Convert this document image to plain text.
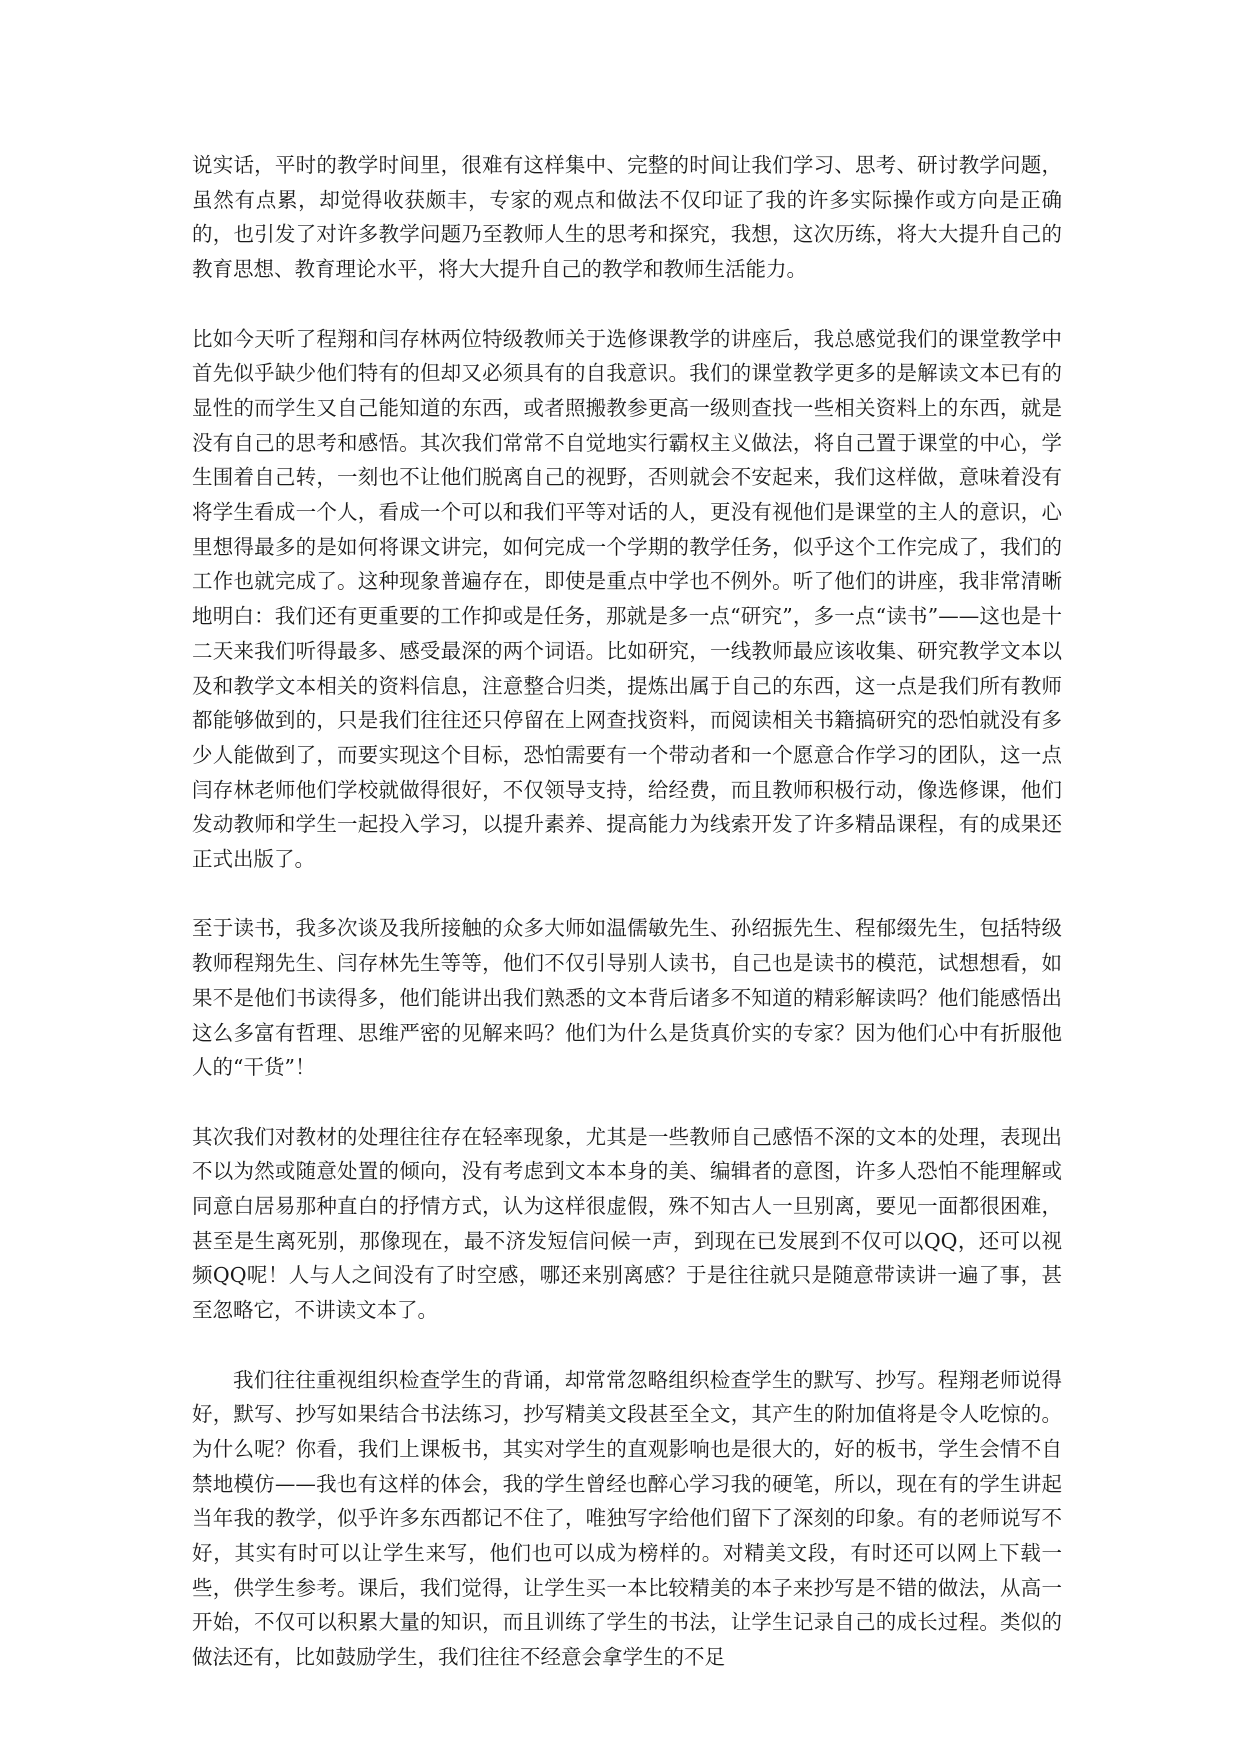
说实话，平时的教学时间里，很难有这样集中、完整的时间让我们学习、思考、研讨教学问题，虽然有点累，却觉得收获颇丰，专家的观点和做法不仅印证了我的许多实际操作或方向是正确的，也引发了对许多教学问题乃至教师人生的思考和探究，我想，这次历练，将大大提升自己的教育思想、教育理论水平，将大大提升自己的教学和教师生活能力。

比如今天听了程翔和闫存林两位特级教师关于选修课教学的讲座后，我总感觉我们的课堂教学中首先似乎缺少他们特有的但却又必须具有的自我意识。我们的课堂教学更多的是解读文本已有的显性的而学生又自己能知道的东西，或者照搬教参更高一级则查找一些相关资料上的东西，就是没有自己的思考和感悟。其次我们常常不自觉地实行霸权主义做法，将自己置于课堂的中心，学生围着自己转，一刻也不让他们脱离自己的视野，否则就会不安起来，我们这样做，意味着没有将学生看成一个人，看成一个可以和我们平等对话的人，更没有视他们是课堂的主人的意识，心里想得最多的是如何将课文讲完，如何完成一个学期的教学任务，似乎这个工作完成了，我们的工作也就完成了。这种现象普遍存在，即使是重点中学也不例外。听了他们的讲座，我非常清晰地明白：我们还有更重要的工作抑或是任务，那就是多一点“研究”，多一点“读书”——这也是十二天来我们听得最多、感受最深的两个词语。比如研究，一线教师最应该收集、研究教学文本以及和教学文本相关的资料信息，注意整合归类，提炼出属于自己的东西，这一点是我们所有教师都能够做到的，只是我们往往还只停留在上网查找资料，而阅读相关书籍搞研究的恐怕就没有多少人能做到了，而要实现这个目标，恐怕需要有一个带动者和一个愿意合作学习的团队，这一点闫存林老师他们学校就做得很好，不仅领导支持，给经费，而且教师积极行动，像选修课，他们发动教师和学生一起投入学习，以提升素养、提高能力为线索开发了许多精品课程，有的成果还正式出版了。

至于读书，我多次谈及我所接触的众多大师如温儒敏先生、孙绍振先生、程郁缀先生，包括特级教师程翔先生、闫存林先生等等，他们不仅引导别人读书，自己也是读书的模范，试想想看，如果不是他们书读得多，他们能讲出我们熟悉的文本背后诸多不知道的精彩解读吗？他们能感悟出这么多富有哲理、思维严密的见解来吗？他们为什么是货真价实的专家？因为他们心中有折服他人的“干货”！

其次我们对教材的处理往往存在轻率现象，尤其是一些教师自己感悟不深的文本的处理，表现出不以为然或随意处置的倾向，没有考虑到文本本身的美、编辑者的意图，许多人恐怕不能理解或同意白居易那种直白的抒情方式，认为这样很虚假，殊不知古人一旦别离，要见一面都很困难，甚至是生离死别，那像现在，最不济发短信问候一声，到现在已发展到不仅可以QQ，还可以视频QQ呢！人与人之间没有了时空感，哪还来别离感？于是往往就只是随意带读讲一遍了事，甚至忽略它，不讲读文本了。

我们往往重视组织检查学生的背诵，却常常忽略组织检查学生的默写、抄写。程翔老师说得好，默写、抄写如果结合书法练习，抄写精美文段甚至全文，其产生的附加值将是令人吃惊的。为什么呢？你看，我们上课板书，其实对学生的直观影响也是很大的，好的板书，学生会情不自禁地模仿——我也有这样的体会，我的学生曾经也醉心学习我的硬笔，所以，现在有的学生讲起当年我的教学，似乎许多东西都记不住了，唯独写字给他们留下了深刻的印象。有的老师说写不好，其实有时可以让学生来写，他们也可以成为榜样的。对精美文段，有时还可以网上下载一些，供学生参考。课后，我们觉得，让学生买一本比较精美的本子来抄写是不错的做法，从高一开始，不仅可以积累大量的知识，而且训练了学生的书法，让学生记录自己的成长过程。类似的做法还有，比如鼓励学生，我们往往不经意会拿学生的不足
